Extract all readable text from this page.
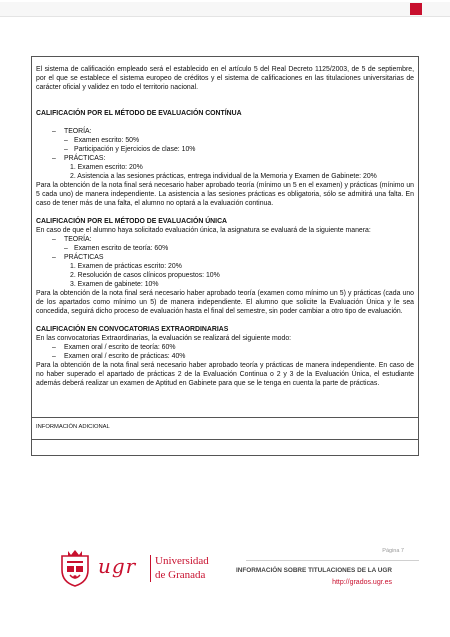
El sistema de calificación empleado será el establecido en el artículo 5 del Real Decreto 1125/2003, de 5 de septiembre, por el que se establece el sistema europeo de créditos y el sistema de calificaciones en las titulaciones universitarias de carácter oficial y validez en todo el territorio nacional.

CALIFICACIÓN POR EL MÉTODO DE EVALUACIÓN CONTÍNUA
– TEORÍA:
– Examen escrito: 50%
– Participación y Ejercicios de clase: 10%
– PRÁCTICAS:
1. Examen escrito: 20%
2. Asistencia a las sesiones prácticas, entrega individual de la Memoria y Examen de Gabinete: 20%

Para la obtención de la nota final será necesario haber aprobado teoría (mínimo un 5 en el examen) y prácticas (mínimo un 5 cada uno) de manera independiente. La asistencia a las sesiones prácticas es obligatoria, sólo se admitirá una falta. En caso de tener más de una falta, el alumno no optará a la evaluación continua.

CALIFICACIÓN POR EL MÉTODO DE EVALUACIÓN ÚNICA

En caso de que el alumno haya solicitado evaluación única, la asignatura se evaluará de la siguiente manera:

– TEORÍA:
– Examen escrito de teoría: 60%
– PRÁCTICAS
1. Examen de prácticas escrito: 20%
2. Resolución de casos clínicos propuestos: 10%
3. Examen de gabinete: 10%

Para la obtención de la nota final será necesario haber aprobado teoría (examen como mínimo un 5) y prácticas (cada uno de los apartados como mínimo un 5) de manera independiente. El alumno que solicite la Evaluación Única y le sea concedida, seguirá dicho proceso de evaluación hasta el final del semestre, sin poder cambiar a otro tipo de evaluación.

CALIFICACIÓN EN CONVOCATORIAS EXTRAORDINARIAS

En las convocatorias Extraordinarias, la evaluación se realizará del siguiente modo:

– Examen oral / escrito de teoría: 60%
– Examen oral / escrito de prácticas: 40%

Para la obtención de la nota final será necesario haber aprobado teoría y prácticas de manera independiente. En caso de no haber superado el apartado de prácticas 2 de la Evaluación Continua o 2 y 3 de la Evaluación Única, el estudiante además deberá realizar un examen de Aptitud en Gabinete para que se le tenga en cuenta la parte de prácticas.

INFORMACIÓN ADICIONAL
Página 7
ugr Universidad
de Granada	INFORMACIÓN SOBRE TITULACIONES DE LA UGR
http://grados.ugr.es
